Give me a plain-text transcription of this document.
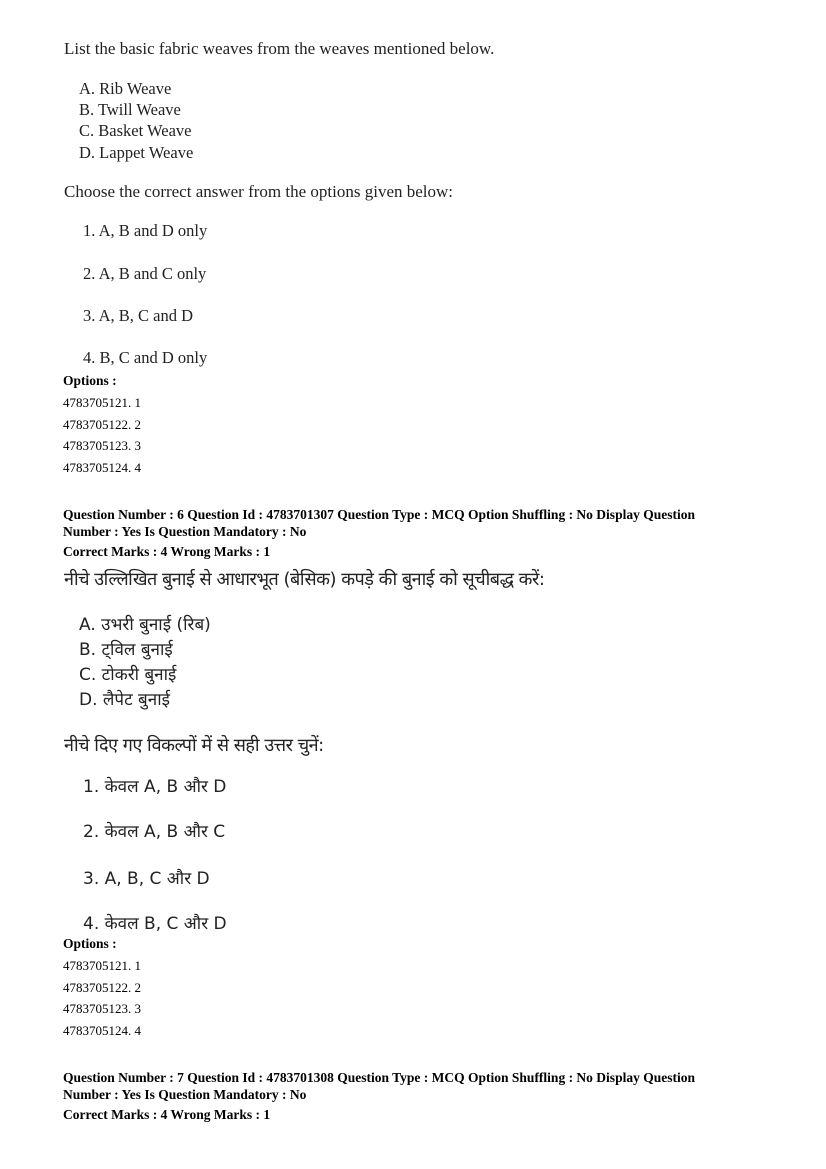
List the basic fabric weaves from the weaves mentioned below.
A. Rib Weave
B. Twill Weave
C. Basket Weave
D. Lappet Weave
Choose the correct answer from the options given below:
1. A, B and D only
2. A, B and C only
3. A, B, C and D
4. B, C and D only
Options :
4783705121. 1
4783705122. 2
4783705123. 3
4783705124. 4
Question Number : 6 Question Id : 4783701307 Question Type : MCQ Option Shuffling : No Display Question
Number : Yes Is Question Mandatory : No
Correct Marks : 4 Wrong Marks : 1
नीचे उल्लिखित बुनाई से आधारभूत (बेसिक) कपड़े की बुनाई को सूचीबद्ध करें:
A. उभरी बुनाई (रिब)
B. ट्विल बुनाई
C. टोकरी बुनाई
D. लैपेट बुनाई
नीचे दिए गए विकल्पों में से सही उत्तर चुनें:
1. केवल A, B और D
2. केवल A, B और C
3. A, B, C और D
4. केवल B, C और D
Options :
4783705121. 1
4783705122. 2
4783705123. 3
4783705124. 4
Question Number : 7 Question Id : 4783701308 Question Type : MCQ Option Shuffling : No Display Question
Number : Yes Is Question Mandatory : No
Correct Marks : 4 Wrong Marks : 1
